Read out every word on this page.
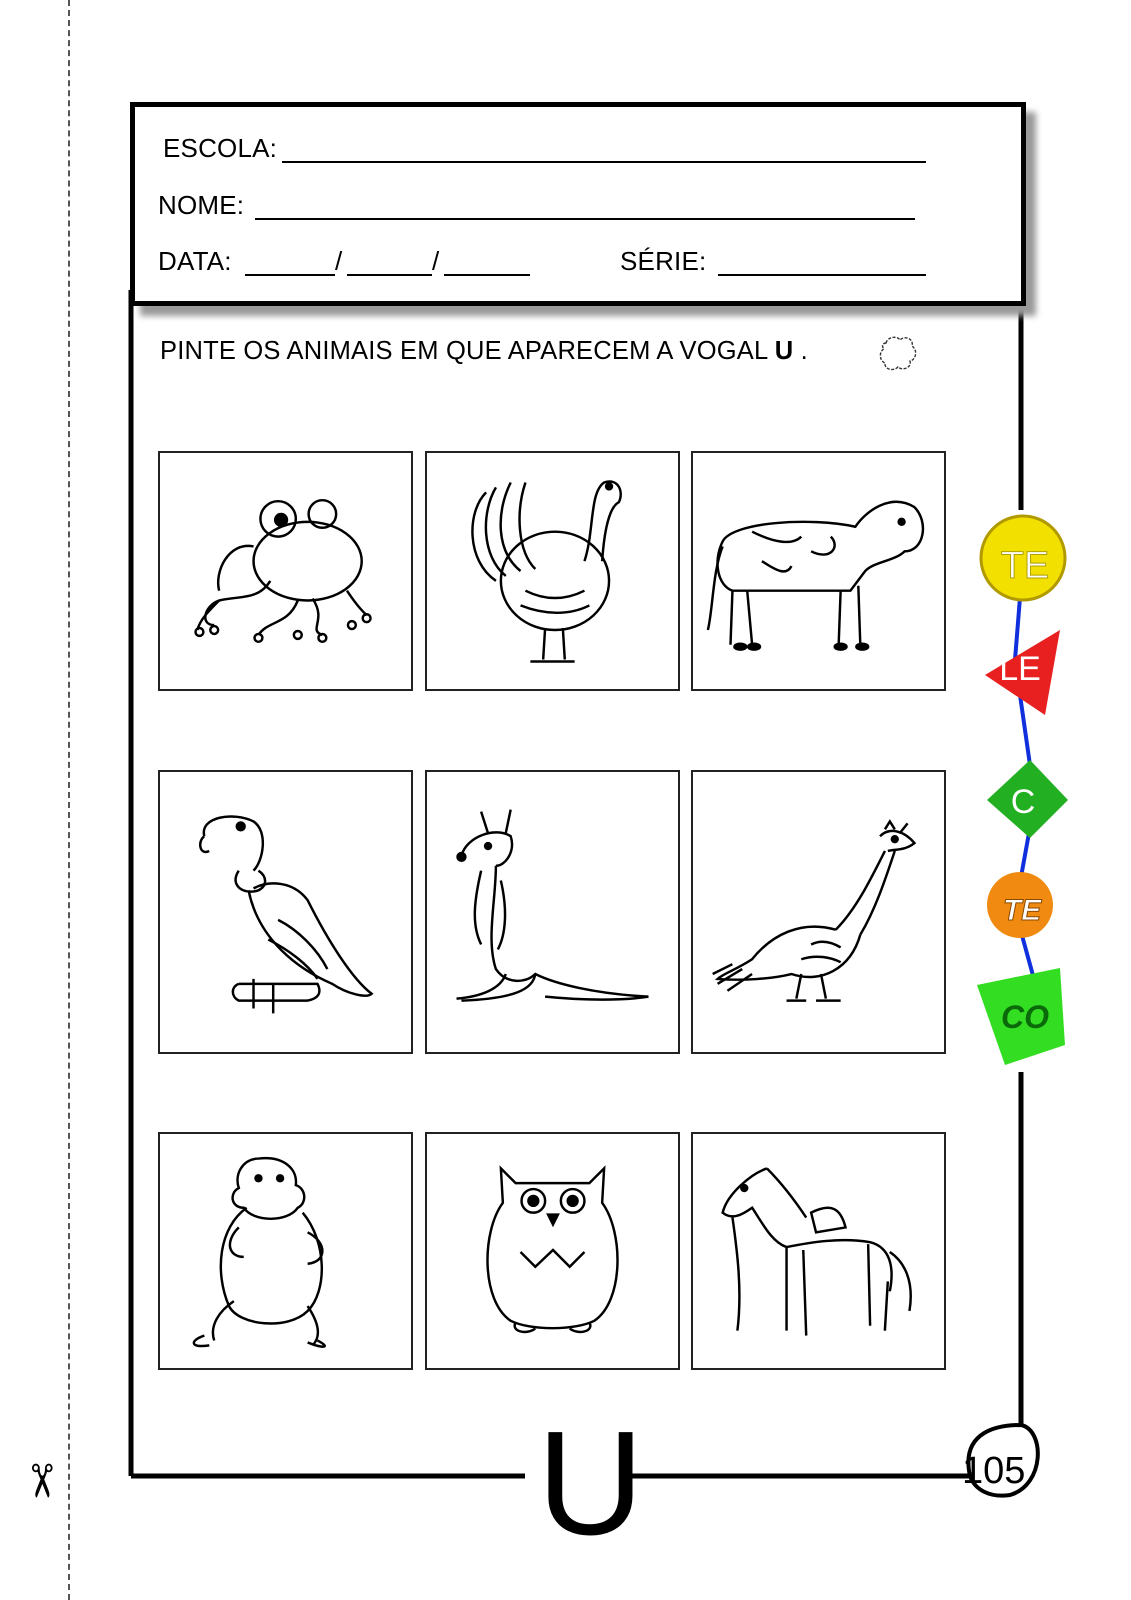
✂
ESCOLA:
NOME:
DATA:	/	/	SÉRIE:
PINTE OS ANIMAIS EM QUE APARECEM A VOGAL U .
TE
LE
C
TE
CO
U	105
